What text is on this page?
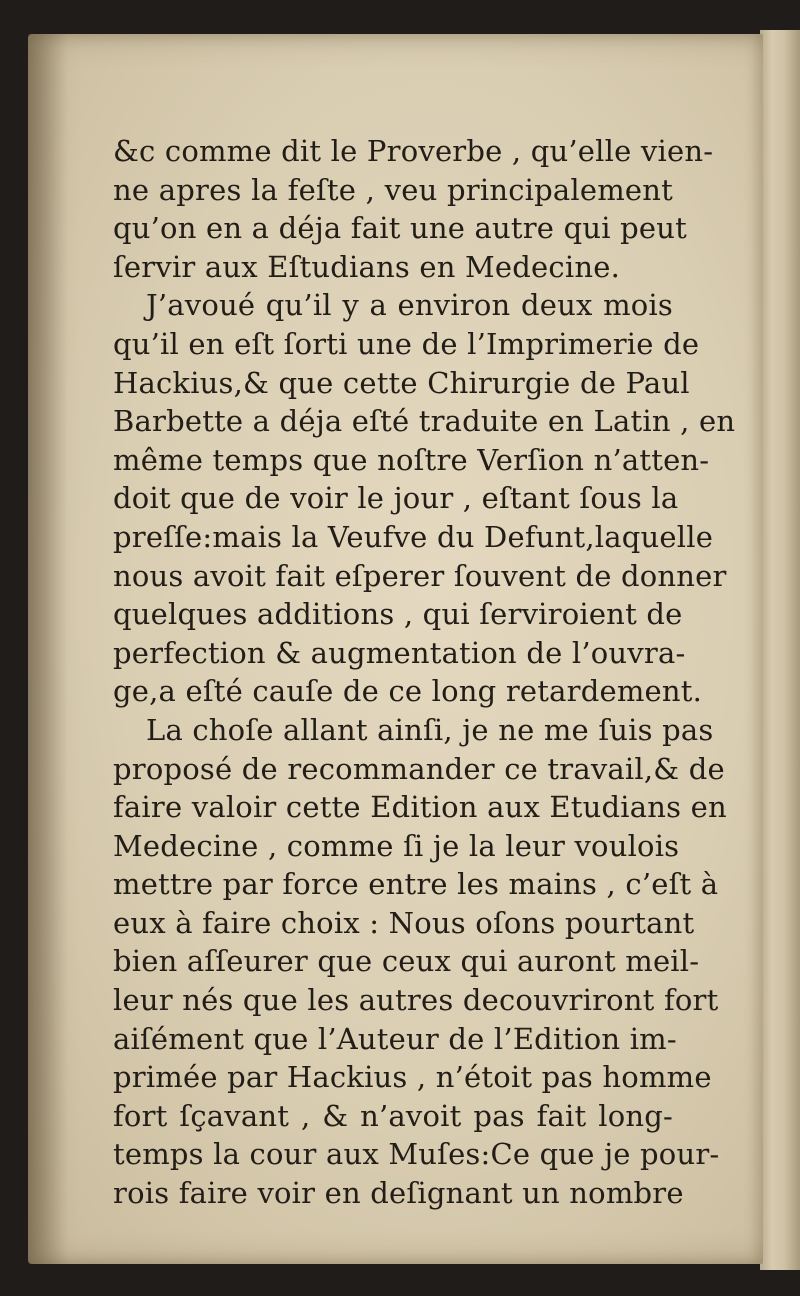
&c comme dit le Proverbe , qu’elle vien-
ne apres la feſte , veu principalement
qu’on en a déja fait une autre qui peut
ſervir aux Eſtudians en Medecine.
J’avoué qu’il y a environ deux mois
qu’il en eſt ſorti une de l’Imprimerie de
Hackius,& que cette Chirurgie de Paul
Barbette a déja eſté traduite en Latin , en
même temps que noſtre Verſion n’atten-
doit que de voir le jour , eſtant ſous la
preſſe:mais la Veufve du Defunt,laquelle
nous avoit fait eſperer ſouvent de donner
quelques additions , qui ſerviroient de
perfection & augmentation de l’ouvra-
ge,a eſté cauſe de ce long retardement.
La choſe allant ainſi, je ne me ſuis pas
proposé de recommander ce travail,& de
faire valoir cette Edition aux Etudians en
Medecine , comme ſi je la leur voulois
mettre par force entre les mains , c’eſt à
eux à faire choix : Nous oſons pourtant
bien aſſeurer que ceux qui auront meil-
leur nés que les autres decouvriront fort
aiſément que l’Auteur de l’Edition im-
primée par Hackius , n’étoit pas homme
fort ſçavant , & n’avoit pas fait long-
temps la cour aux Muſes:Ce que je pour-
rois faire voir en deſignant un nombre
